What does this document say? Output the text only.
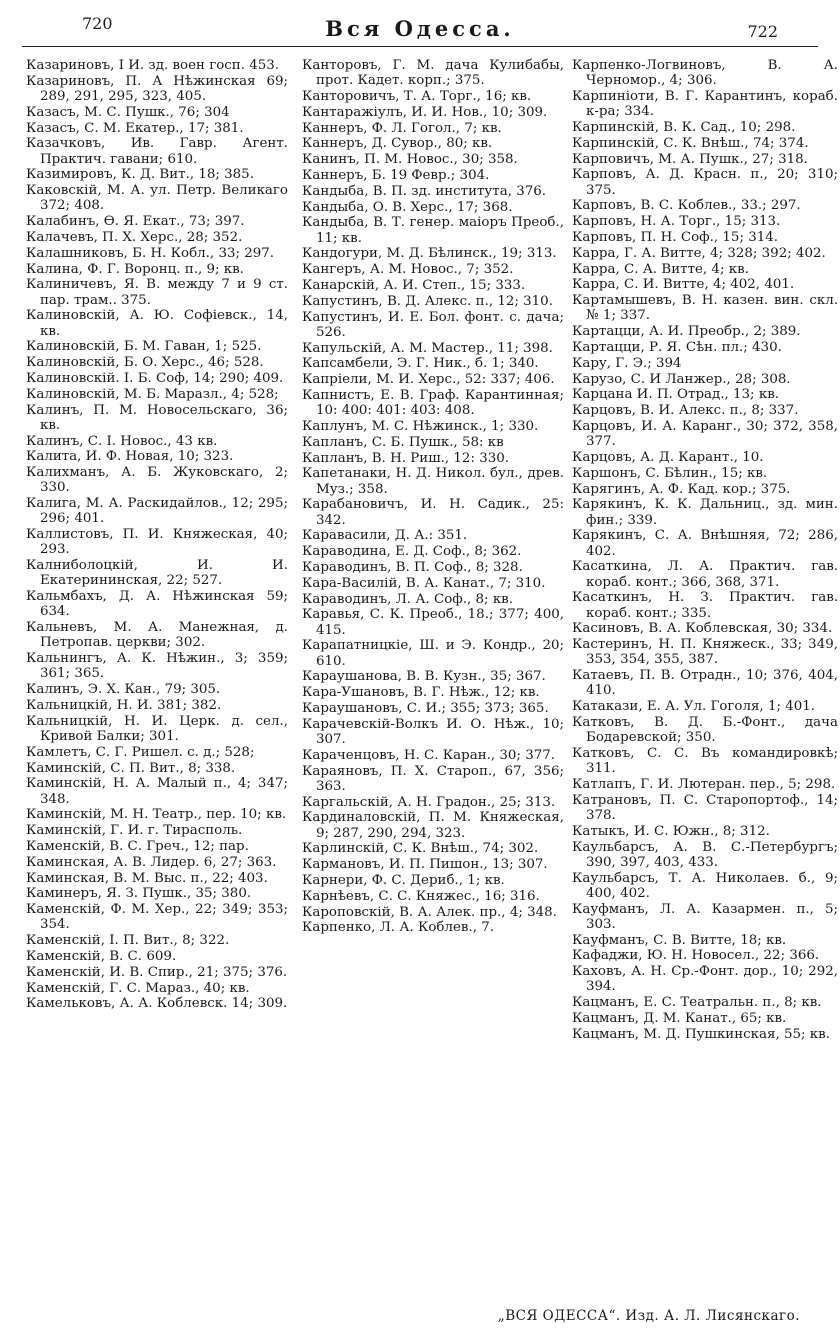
720	Вся Одесса.	722
Казариновъ, I И. зд. воен госп. 453.
Казариновъ, П. А Нѣжинская 69; 289, 291, 295, 323, 405.
Казасъ, М. С. Пушк., 76; 304
Казасъ, С. М. Екатер., 17; 381.
Казачковъ, Ив. Гавр. Агент. Практич. гавани; 610.
Казимировъ, К. Д. Вит., 18; 385.
Каковскій, М. А. ул. Петр. Великаго 372; 408.
Калабинъ, Ѳ. Я. Екат., 73; 397.
Калачевъ, П. Х. Херс., 28; 352.
Калашниковъ, Б. Н. Кобл., 33; 297.
Калина, Ф. Г. Воронц. п., 9; кв.
Калиничевъ, Я. В. между 7 и 9 ст. пар. трам.. 375.
Калиновскій, А. Ю. Софіевск., 14, кв.
Калиновскій, Б. М. Гаван, 1; 525.
Калиновскій, Б. О. Херс., 46; 528.
Калиновскій. I. Б. Соф, 14; 290; 409.
Калиновскій, М. Б. Маразл., 4; 528;
Калинъ, П. М. Новосельскаго, 36; кв.
Калинъ, С. I. Новос., 43 кв.
Калита, И. Ф. Новая, 10; 323.
Калихманъ, А. Б. Жуковскаго, 2; 330.
Калига, М. А. Раскидайлов., 12; 295; 296; 401.
Каллистовъ, П. И. Княжеская, 40; 293.
Калниболоцкій, И. И. Екатерининская, 22; 527.
Кальмбахъ, Д. А. Нѣжинская 59; 634.
Кальневъ, М. А. Манежная, д. Петропав. церкви; 302.
Кальнингъ, А. К. Нѣжин., 3; 359; 361; 365.
Калинъ, Э. Х. Кан., 79; 305.
Кальницкій, Н. И. 381; 382.
Кальницкій, Н. И. Церк. д. сел., Кривой Балки; 301.
Камлетъ, С. Г. Ришел. с. д.; 528;
Каминскій, С. П. Вит., 8; 338.
Каминскій, Н. А. Малый п., 4; 347; 348.
Каминскій, М. Н. Театр., пер. 10; кв.
Каминскій, Г. И. г. Тирасполь.
Каменскій, В. С. Греч., 12; пар.
Каминская, А. В. Лидер. 6, 27; 363.
Каминская, В. М. Выс. п., 22; 403.
Каминеръ, Я. З. Пушк., 35; 380.
Каменскій, Ф. М. Хер., 22; 349; 353; 354.
Каменскій, I. П. Вит., 8; 322.
Каменскій, В. С. 609.
Каменскій, И. В. Спир., 21; 375; 376.
Каменскій, Г. С. Мараз., 40; кв.
Камельковъ, А. А. Коблевск. 14; 309.
Канторовъ, Г. М. дача Кулибабы, прот. Кадет. корп.; 375.
Канторовичъ, Т. А. Торг., 16; кв.
Кантаражіулъ, И. И. Нов., 10; 309.
Каннеръ, Ф. Л. Гогол., 7; кв.
Каннеръ, Д. Сувор., 80; кв.
Канинъ, П. М. Новос., 30; 358.
Каннеръ, Б. 19 Февр.; 304.
Кандыба, В. П. зд. института, 376.
Кандыба, О. В. Херс., 17; 368.
Кандыба, В. Т. генер. маіоръ Преоб., 11; кв.
Кандогури, М. Д. Бѣлинск., 19; 313.
Кангеръ, А. М. Новос., 7; 352.
Канарскій, А. И. Степ., 15; 333.
Капустинъ, В. Д. Алекс. п., 12; 310.
Капустинъ, И. Е. Бол. фонт. с. дача; 526.
Капульскій, А. М. Мастер., 11; 398.
Капсамбели, Э. Г. Ник., б. 1; 340.
Капріели, М. И. Херс., 52: 337; 406.
Капнистъ, Е. В. Граф. Карантинная; 10: 400: 401: 403: 408.
Каплунъ, М. С. Нѣжинск., 1; 330.
Капланъ, С. Б. Пушк., 58: кв
Капланъ, В. Н. Риш., 12: 330.
Капетанаки, Н. Д. Никол. бул., древ. Муз.; 358.
Карабановичъ, И. Н. Садик., 25: 342.
Каравасили, Д. А.: 351.
Караводина, Е. Д. Соф., 8; 362.
Караводинъ, В. П. Соф., 8; 328.
Кара-Василій, В. А. Канат., 7; 310.
Караводинъ, Л. А. Соф., 8; кв.
Каравья, С. К. Преоб., 18.; 377; 400, 415.
Карапатницкіе, Ш. и Э. Кондр., 20; 610.
Караушанова, В. В. Кузн., 35; 367.
Кара-Ушановъ, В. Г. Нѣж., 12; кв.
Караушановъ, С. И.; 355; 373; 365.
Карачевскій-Волкъ И. О. Нѣж., 10; 307.
Караченцовъ, Н. С. Каран., 30; 377.
Караяновъ, П. Х. Староп., 67, 356; 363.
Каргальскій, А. Н. Градон., 25; 313.
Кардиналовскій, П. М. Княжеская, 9; 287, 290, 294, 323.
Карлинскій, С. К. Внѣш., 74; 302.
Кармановъ, И. П. Пишон., 13; 307.
Карнери, Ф. С. Дериб., 1; кв.
Карнѣевъ, С. С. Княжес., 16; 316.
Кароповскій, В. А. Алек. пр., 4; 348.
Карпенко, Л. А. Коблев., 7.
Карпенко-Логвиновъ, В. А. Черномор., 4; 306.
Карпиніоти, В. Г. Карантинъ, кораб. к-ра; 334.
Карпинскій, В. К. Сад., 10; 298.
Карпинскій, С. К. Внѣш., 74; 374.
Карповичъ, М. А. Пушк., 27; 318.
Карповъ, А. Д. Красн. п., 20; 310; 375.
Карповъ, В. С. Коблев., 33.; 297.
Карповъ, Н. А. Торг., 15; 313.
Карповъ, П. Н. Соф., 15; 314.
Карра, Г. А. Витте, 4; 328; 392; 402.
Карра, С. А. Витте, 4; кв.
Карра, С. И. Витте, 4; 402, 401.
Картамышевъ, В. Н. казен. вин. скл. № 1; 337.
Картацци, А. И. Преобр., 2; 389.
Картацци, Р. Я. Сѣн. пл.; 430.
Кару, Г. Э.; 394
Карузо, С. И Ланжер., 28; 308.
Карцана И. П. Отрад., 13; кв.
Карцовъ, В. И. Алекс. п., 8; 337.
Карцовъ, И. А. Каранг., 30; 372, 358, 377.
Карцовъ, А. Д. Карант., 10.
Каршонъ, С. Бѣлин., 15; кв.
Карягинъ, А. Ф. Кад. кор.; 375.
Карякинъ, К. К. Дальниц., зд. мин. фин.; 339.
Карякинъ, С. А. Внѣшняя, 72; 286, 402.
Касаткина, Л. А. Практич. гав. кораб. конт.; 366, 368, 371.
Касаткинъ, Н. З. Практич. гав. кораб. конт.; 335.
Касиновъ, В. А. Коблевская, 30; 334.
Кастеринъ, Н. П. Княжеск., 33; 349, 353, 354, 355, 387.
Катаевъ, П. В. Отрадн., 10; 376, 404, 410.
Катакази, Е. А. Ул. Гоголя, 1; 401.
Катковъ, В. Д. Б.-Фонт., дача Бодаревской; 350.
Катковъ, С. С. Въ командировкѣ; 311.
Катлапъ, Г. И. Лютеран. пер., 5; 298.
Катрановъ, П. С. Старопортоф., 14; 378.
Катыкъ, И. С. Южн., 8; 312.
Каульбарсъ, А. В. С.-Петербургъ; 390, 397, 403, 433.
Каульбарсъ, Т. А. Николаев. б., 9; 400, 402.
Кауфманъ, Л. А. Казармен. п., 5; 303.
Кауфманъ, С. В. Витте, 18; кв.
Кафаджи, Ю. Н. Новосел., 22; 366.
Каховъ, А. Н. Ср.-Фонт. дор., 10; 292, 394.
Кацманъ, Е. С. Театральн. п., 8; кв.
Кацманъ, Д. М. Канат., 65; кв.
Кацманъ, М. Д. Пушкинская, 55; кв.
„ВСЯ ОДЕССА“. Изд. А. Л. Лисянскаго.
